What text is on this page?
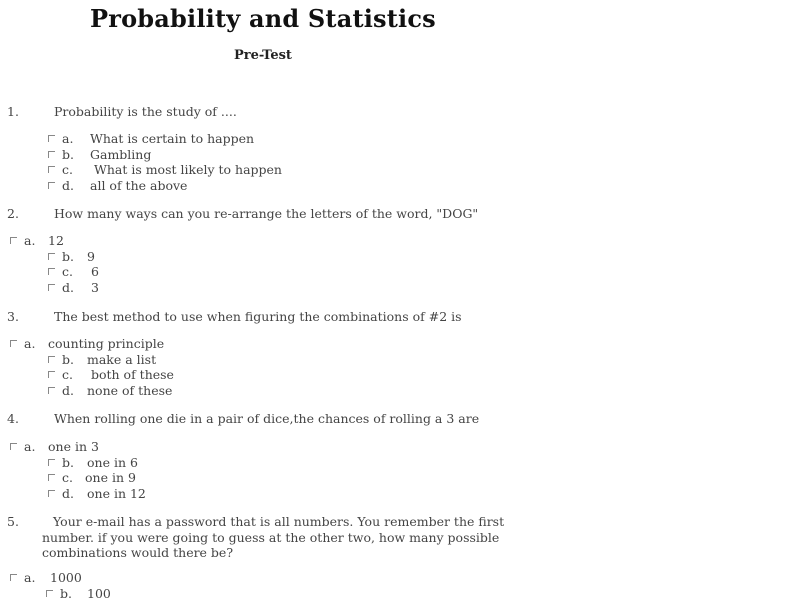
Probability and Statistics
Pre-Test
1.	Probability is the study of ....
a. What is certain to happen
b. Gambling
c. What is most likely to happen
d. all of the above
2.	How many ways can you re-arrange the letters of the word, "DOG"
a. 12
b. 9
c. 6
d. 3
3.	The best method to use when figuring the combinations of #2 is
a. counting principle
b. make a list
c. both of these
d. none of these
4.	When rolling one die in a pair of dice,the chances of rolling a 3 are
a. one in 3
b. one in 6
c. one in 9
d. one in 12
5.	Your e-mail has a password that is all numbers. You remember the first number. if you were going to guess at the other two, how many possible combinations would there be?
a. 1000
b. 100
